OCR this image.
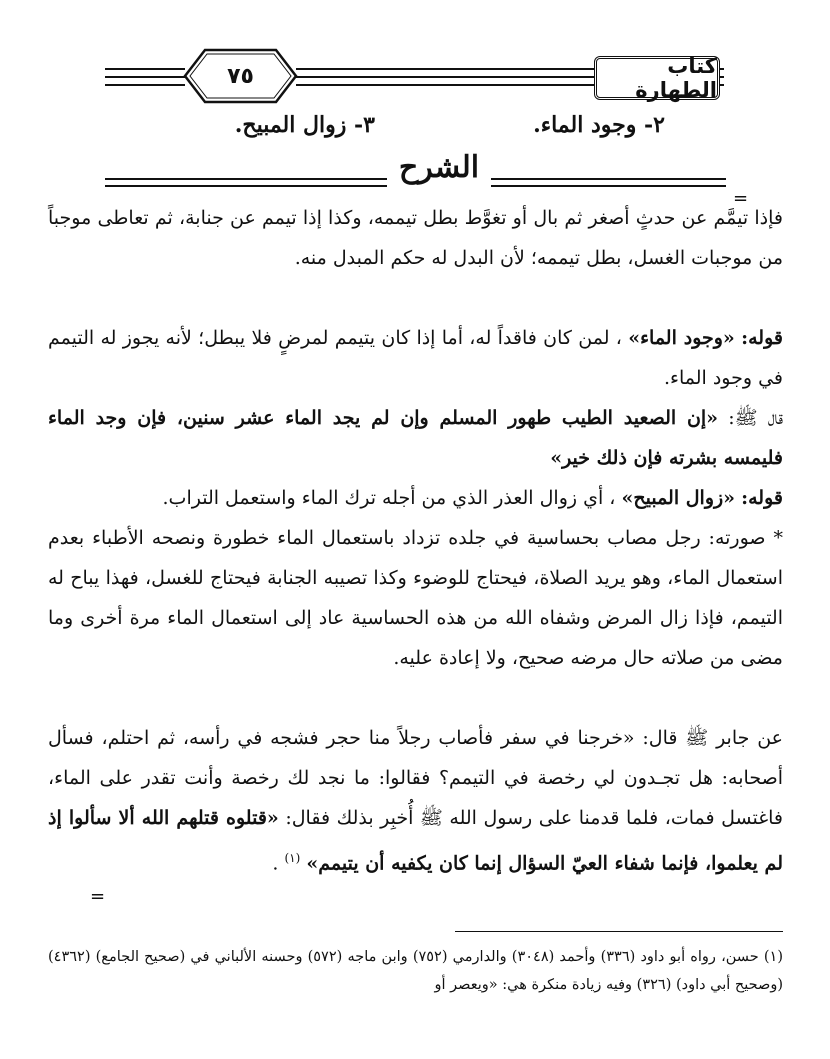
٧٥	كتاب الطهارة
٢- وجود الماء.
٣- زوال المبيح.
الشرح
=
فإذا تيمَّم عن حدثٍ أصغر ثم بال أو تغوَّط بطل تيممه، وكذا إذا تيمم عن جنابة، ثم تعاطى موجباً من موجبات الغسل، بطل تيممه؛ لأن البدل له حكم المبدل منه.
قوله: «وجود الماء» ، لمن كان فاقداً له، أما إذا كان يتيمم لمرضٍ فلا يبطل؛ لأنه يجوز له التيمم في وجود الماء.
قال ﷺ: «إن الصعيد الطيب طهور المسلم وإن لم يجد الماء عشر سنين، فإن وجد الماء فليمسه بشرته فإن ذلك خير»
قوله: «زوال المبيح» ، أي زوال العذر الذي من أجله ترك الماء واستعمل التراب.
* صورته: رجل مصاب بحساسية في جلده تزداد باستعمال الماء خطورة ونصحه الأطباء بعدم استعمال الماء، وهو يريد الصلاة، فيحتاج للوضوء وكذا تصيبه الجنابة فيحتاج للغسل، فهذا يباح له التيمم، فإذا زال المرض وشفاه الله من هذه الحساسية عاد إلى استعمال الماء مرة أخرى وما مضى من صلاته حال مرضه صحيح، ولا إعادة عليه.
عن جابر ﷺ قال: «خرجنا في سفر فأصاب رجلاً منا حجر فشجه في رأسه، ثم احتلم، فسأل أصحابه: هل تجـدون لي رخصة في التيمم؟ فقالوا: ما نجد لك رخصة وأنت تقدر على الماء، فاغتسل فمات، فلما قدمنا على رسول الله ﷺ أُخبِر بذلك فقال: «قتلوه قتلهم الله ألا سألوا إذ لم يعلموا، فإنما شفاء العيّ السؤال إنما كان يكفيه أن يتيمم» $^{(١)}$ .
=
(١) حسن، رواه أبو داود (٣٣٦) وأحمد (٣٠٤٨) والدارمي (٧٥٢) وابن ماجه (٥٧٢) وحسنه الألباني في (صحيح الجامع) (٤٣٦٢) (وصحيح أبي داود) (٣٢٦) وفيه زيادة منكرة هي: «ويعصر أو
